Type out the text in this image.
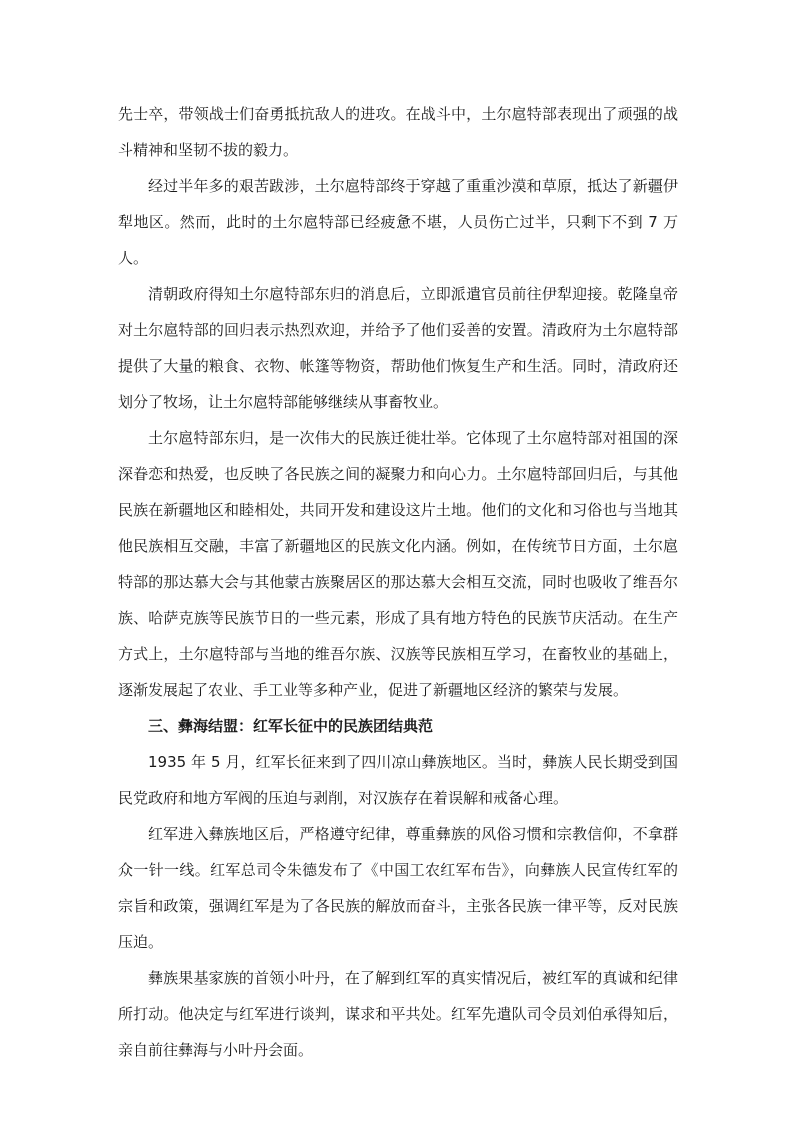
先士卒，带领战士们奋勇抵抗敌人的进攻。在战斗中，土尔扈特部表现出了顽强的战斗精神和坚韧不拔的毅力。

经过半年多的艰苦跋涉，土尔扈特部终于穿越了重重沙漠和草原，抵达了新疆伊犁地区。然而，此时的土尔扈特部已经疲惫不堪，人员伤亡过半，只剩下不到 7 万人。

清朝政府得知土尔扈特部东归的消息后，立即派遣官员前往伊犁迎接。乾隆皇帝对土尔扈特部的回归表示热烈欢迎，并给予了他们妥善的安置。清政府为土尔扈特部提供了大量的粮食、衣物、帐篷等物资，帮助他们恢复生产和生活。同时，清政府还划分了牧场，让土尔扈特部能够继续从事畜牧业。

土尔扈特部东归，是一次伟大的民族迁徙壮举。它体现了土尔扈特部对祖国的深深眷恋和热爱，也反映了各民族之间的凝聚力和向心力。土尔扈特部回归后，与其他民族在新疆地区和睦相处，共同开发和建设这片土地。他们的文化和习俗也与当地其他民族相互交融，丰富了新疆地区的民族文化内涵。例如，在传统节日方面，土尔扈特部的那达慕大会与其他蒙古族聚居区的那达慕大会相互交流，同时也吸收了维吾尔族、哈萨克族等民族节日的一些元素，形成了具有地方特色的民族节庆活动。在生产方式上，土尔扈特部与当地的维吾尔族、汉族等民族相互学习，在畜牧业的基础上，逐渐发展起了农业、手工业等多种产业，促进了新疆地区经济的繁荣与发展。

三、彝海结盟：红军长征中的民族团结典范

1935 年 5 月，红军长征来到了四川凉山彝族地区。当时，彝族人民长期受到国民党政府和地方军阀的压迫与剥削，对汉族存在着误解和戒备心理。

红军进入彝族地区后，严格遵守纪律，尊重彝族的风俗习惯和宗教信仰，不拿群众一针一线。红军总司令朱德发布了《中国工农红军布告》，向彝族人民宣传红军的宗旨和政策，强调红军是为了各民族的解放而奋斗，主张各民族一律平等，反对民族压迫。

彝族果基家族的首领小叶丹，在了解到红军的真实情况后，被红军的真诚和纪律所打动。他决定与红军进行谈判，谋求和平共处。红军先遣队司令员刘伯承得知后，亲自前往彝海与小叶丹会面。
